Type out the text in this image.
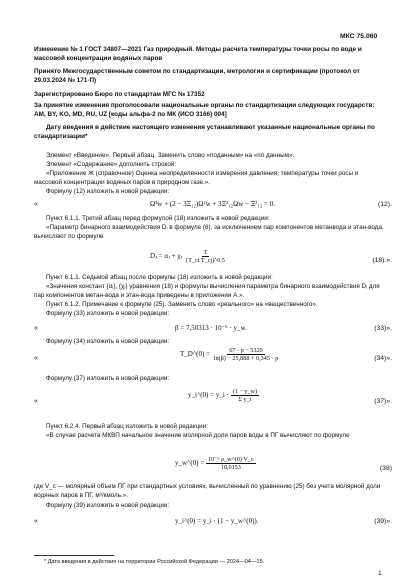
МКС 75.060

Изменение № 1 ГОСТ 34807—2021 Газ природный. Методы расчета температуры точки росы по воде и массовой концентрации водяных паров

Принято Межгосударственным советом по стандартизации, метрологии и сертификации (протокол от 29.03.2024 № 171-П)

Зарегистрировано Бюро по стандартам МГС № 17352

За принятие изменения проголосовали национальные органы по стандартизации следующих государств: AM, BY, KG, MD, RU, UZ [коды альфа-2 по МК (ИСО 3166) 004]

Дату введения в действие настоящего изменения устанавливают указанные национальные органы по стандартизации*

Элемент «Введение». Первый абзац. Заменить слово «поданным» на «по данным».

Элемент «Содержание» дополнить строкой:

«Приложение Ж (справочное) Оценка неопределенности измерения давления, температуры точки росы и массовой концентрации водяных паров в природном газе.».

Формулу (12) изложить в новой редакции:

«	Ω³w + (2 − 3Ξ₁₂)Ω²w + 3Ξ²₁₂Ωw − Ξ³₁₂ = 0.	(12).

Пункт 6.1.1. Третий абзац перед формулой (18) изложить в новой редакции:

«Параметр бинарного взаимодействия Dⱼ в формуле (8), за исключением пар компонентов метанвода и этан-вода, вычисляют по формуле

Dⱼ = αⱼ + χⱼ $\frac{T}{\text{(T\_ci T\_cj)\textasciicircum{}0.5}}$	(18).».

Пункт 6.1.1. Седьмой абзац после формулы (18) изложить в новой редакции:

«Значения констант {αⱼ}, {χⱼ} уравнения (18) и формулы вычисления параметра бинарного взаимодействия Dⱼ для пар компонентов метан-вода и этан-вода приведены в приложении А.».

Пункт 6.1.2. Примечание к формуле (25). Заменить слово «реального» на «вещественного».

Формулу (33) изложить в новой редакции:

«	β = 7,50313 · 10⁻⁶ · y_w.	(33)».

Формулу (34) изложить в новой редакции:

«
T_D^(0) = $\frac{67 \cdot p - 5320}{\ln(\beta) - 25,888 + 0,345 \cdot p}$	(34)».

Формулу (37) изложить в новой редакции:

«
y_i^(0) = y_i · $\frac{(1 - y\_w)}{\text{Σ y\_i}}$	(37)».

Пункт 6.2.4. Первый абзац изложить в новой редакции:

«В случае расчета МКВП начальное значение молярной доли паров воды в ПГ вычисляют по формуле

y_w^(0) = $\frac{\text{10⁻⁶ ρ\_w\textasciicircum{}(0) V\_c}}{18,0153}$	(38)

где V_c — молярный объем ПГ при стандартных условиях, вычисленный по уравнению (25) без учета молярной доли водяных паров в ПГ, м³/кмоль.».

Формулу (39) изложить в новой редакции:

«	y_i^(0) = y_i · (1 − y_w^(0)).	(39)».

* Дата введения в действие на территории Российской Федерации — 2024—04—15.

1
